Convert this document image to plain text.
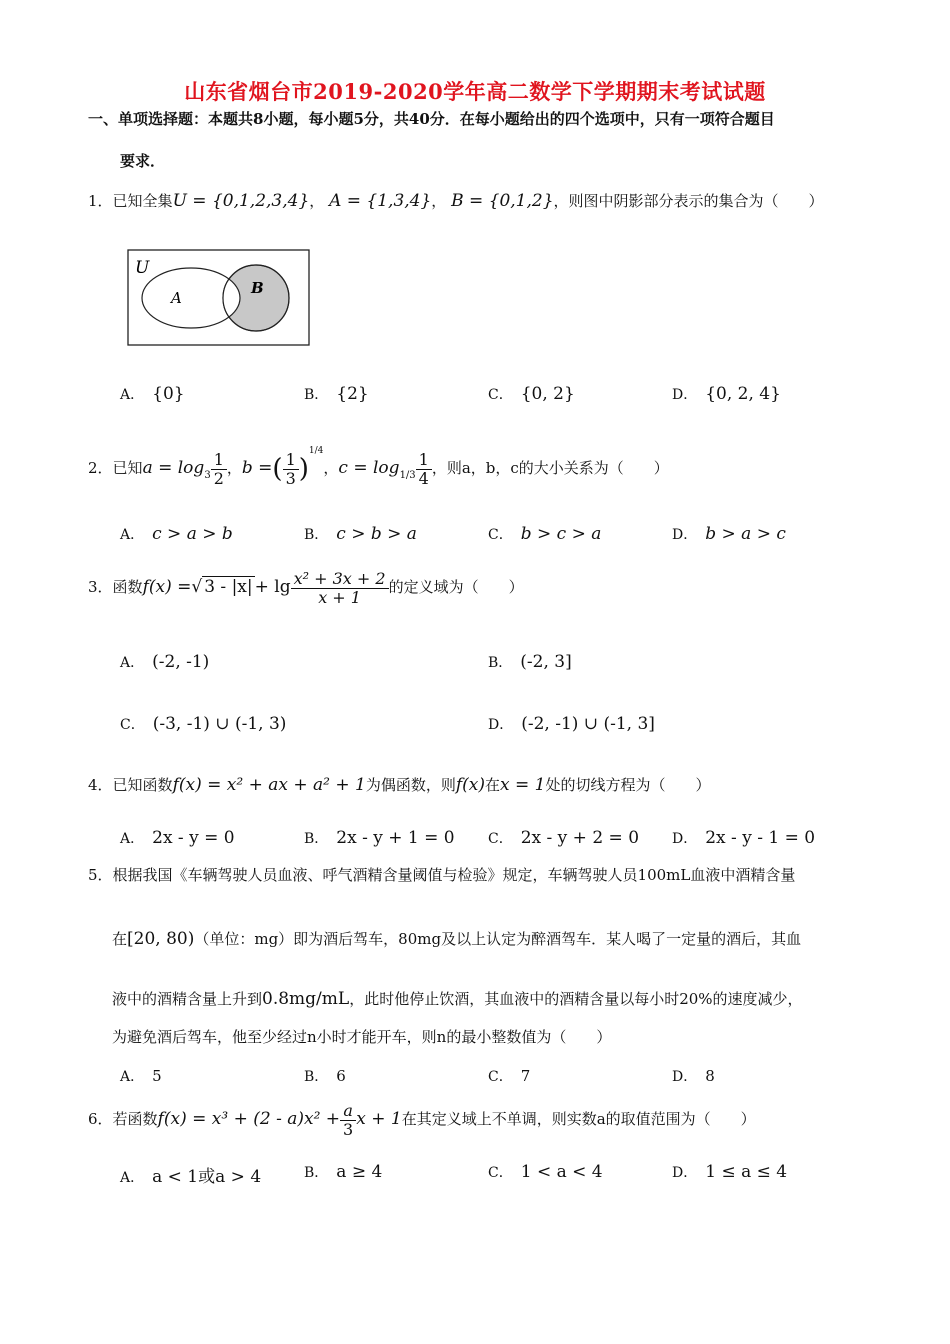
山东省烟台市2019-2020学年高二数学下学期期末考试试题
一、单项选择题：本题共8小题，每小题5分，共40分．在每小题给出的四个选项中，只有一项符合题目
要求．
1．已知全集U = {0,1,2,3,4}， A = {1,3,4}， B = {0,1,2}，则图中阴影部分表示的集合为（　　）
U
A
B
A． {0}	B． {2}	C． {0, 2}	D． {0, 2, 4}
2．已知$a = \log_3 \frac{1}{2}$ ，b =( $\frac{1}{3} )^{1/4}$，$c = \log_{1/3} \frac{1}{4}$ ，则a，b，c的大小关系为（　　）
A． c > a > b	B． c > b > a	C． b > c > a	D． b > a > c
3．函数f(x) =√ $3 - |x| + \lg \frac{\text{x² + 3x + 2}}{x + 1}$ 的定义域为（　　）
A． (-2, -1)	B． (-2, 3]
C． (-3, -1) ∪ (-1, 3)	D． (-2, -1) ∪ (-1, 3]
4．已知函数f(x) = x² + ax + a² + 1为偶函数，则f(x)在x = 1处的切线方程为（　　）
A． 2x - y = 0	B． 2x - y + 1 = 0 C． 2x - y + 2 = 0 D． 2x - y - 1 = 0
5．根据我国《车辆驾驶人员血液、呼气酒精含量阈值与检验》规定，车辆驾驶人员100mL血液中酒精含量
在[20, 80)（单位：mg）即为酒后驾车，80mg及以上认定为醉酒驾车．某人喝了一定量的酒后，其血
液中的酒精含量上升到0.8mg/mL，此时他停止饮酒，其血液中的酒精含量以每小时20%的速度减少，
为避免酒后驾车，他至少经过n小时才能开车，则n的最小整数值为（　　）
A． 5	B． 6	C． 7	D． 8
6．若函数$f(x) = x^3 + (2 - a)x^2 + \frac{a}{3}$ x + 1在其定义域上不单调，则实数a的取值范围为（　　）
A． a < 1或a > 4	B． a ≥ 4	C． 1 < a < 4	D． 1 ≤ a ≤ 4
